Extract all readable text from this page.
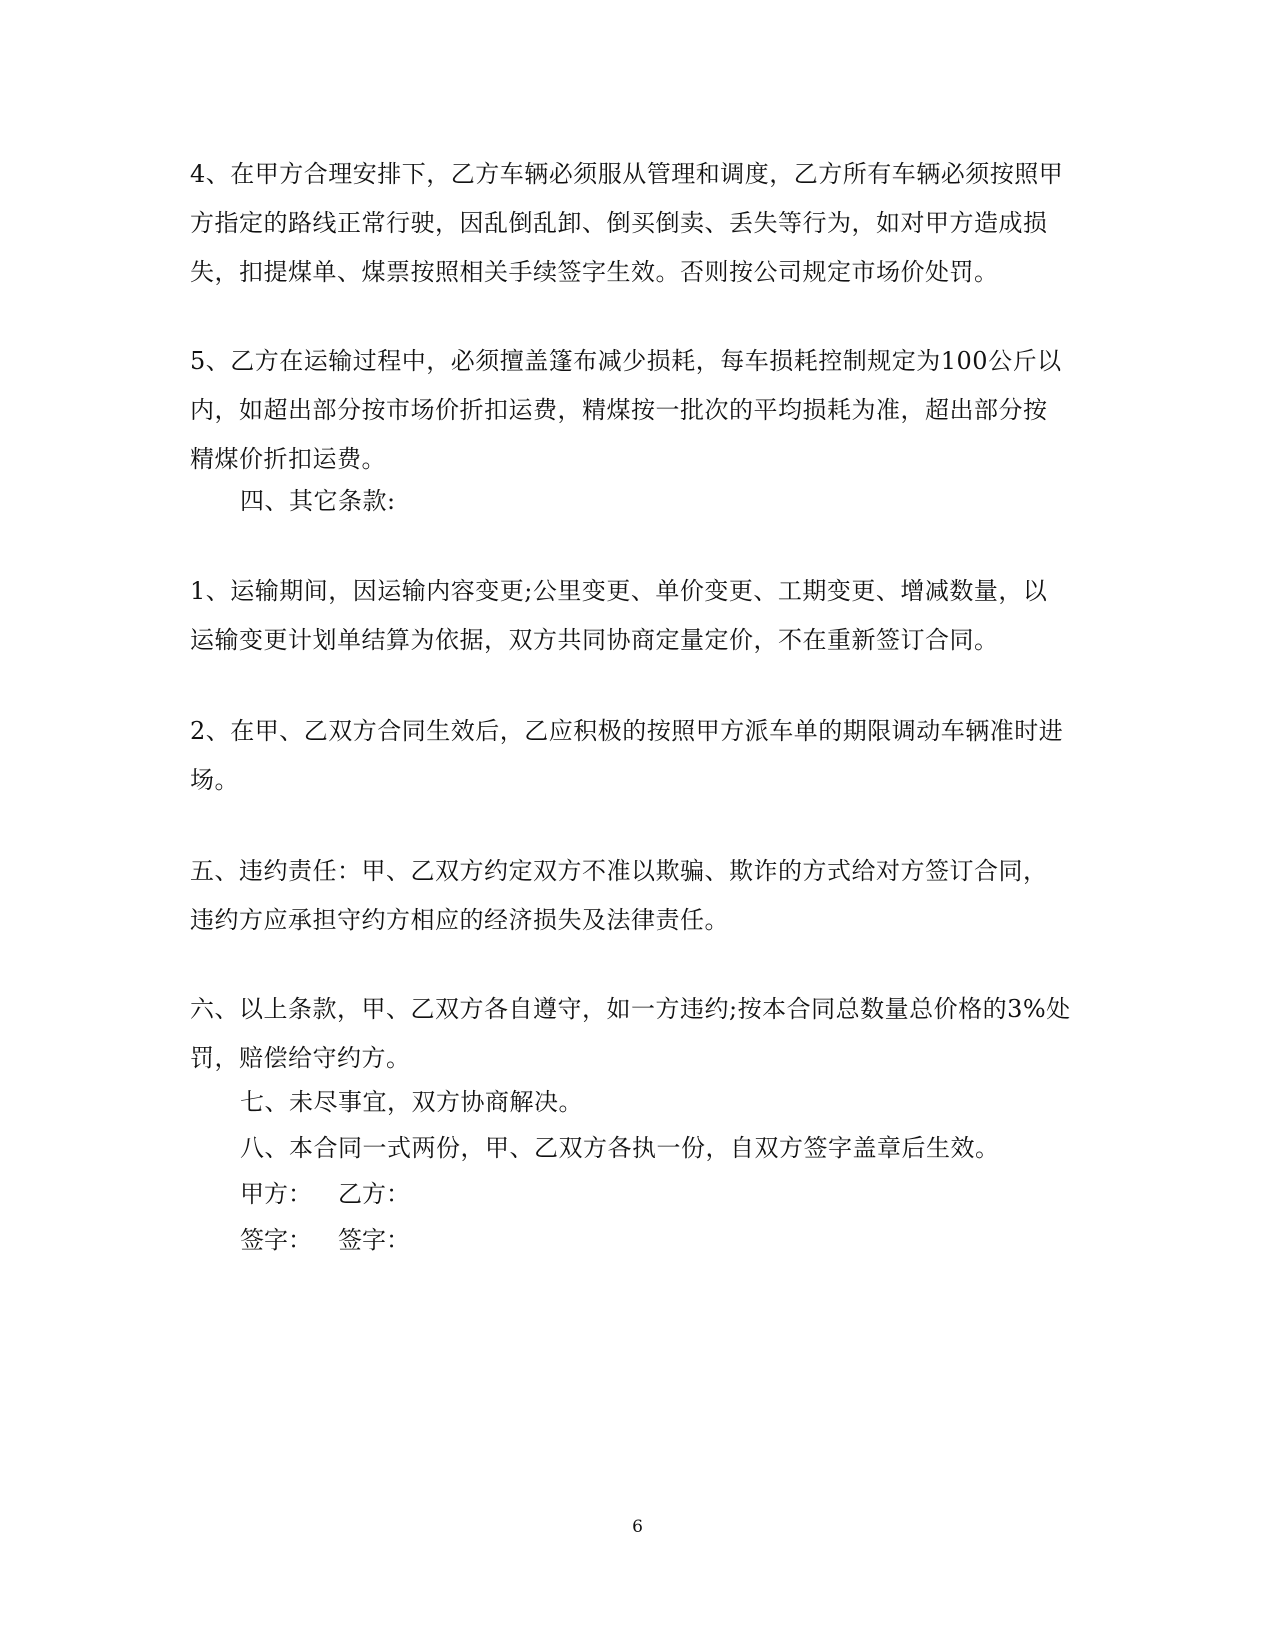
4、在甲方合理安排下，乙方车辆必须服从管理和调度，乙方所有车辆必须按照甲
方指定的路线正常行驶，因乱倒乱卸、倒买倒卖、丢失等行为，如对甲方造成损
失，扣提煤单、煤票按照相关手续签字生效。否则按公司规定市场价处罚。

5、乙方在运输过程中，必须擅盖篷布减少损耗，每车损耗控制规定为100公斤以
内，如超出部分按市场价折扣运费，精煤按一批次的平均损耗为准，超出部分按
精煤价折扣运费。

四、其它条款:

1、运输期间，因运输内容变更;公里变更、单价变更、工期变更、增减数量，以
运输变更计划单结算为依据，双方共同协商定量定价，不在重新签订合同。

2、在甲、乙双方合同生效后，乙应积极的按照甲方派车单的期限调动车辆准时进
场。

五、违约责任：甲、乙双方约定双方不准以欺骗、欺诈的方式给对方签订合同，
违约方应承担守约方相应的经济损失及法律责任。

六、以上条款，甲、乙双方各自遵守，如一方违约;按本合同总数量总价格的3%处
罚，赔偿给守约方。

七、未尽事宜，双方协商解决。

八、本合同一式两份，甲、乙双方各执一份，自双方签字盖章后生效。

甲方： 乙方：
签字： 签字：
6
